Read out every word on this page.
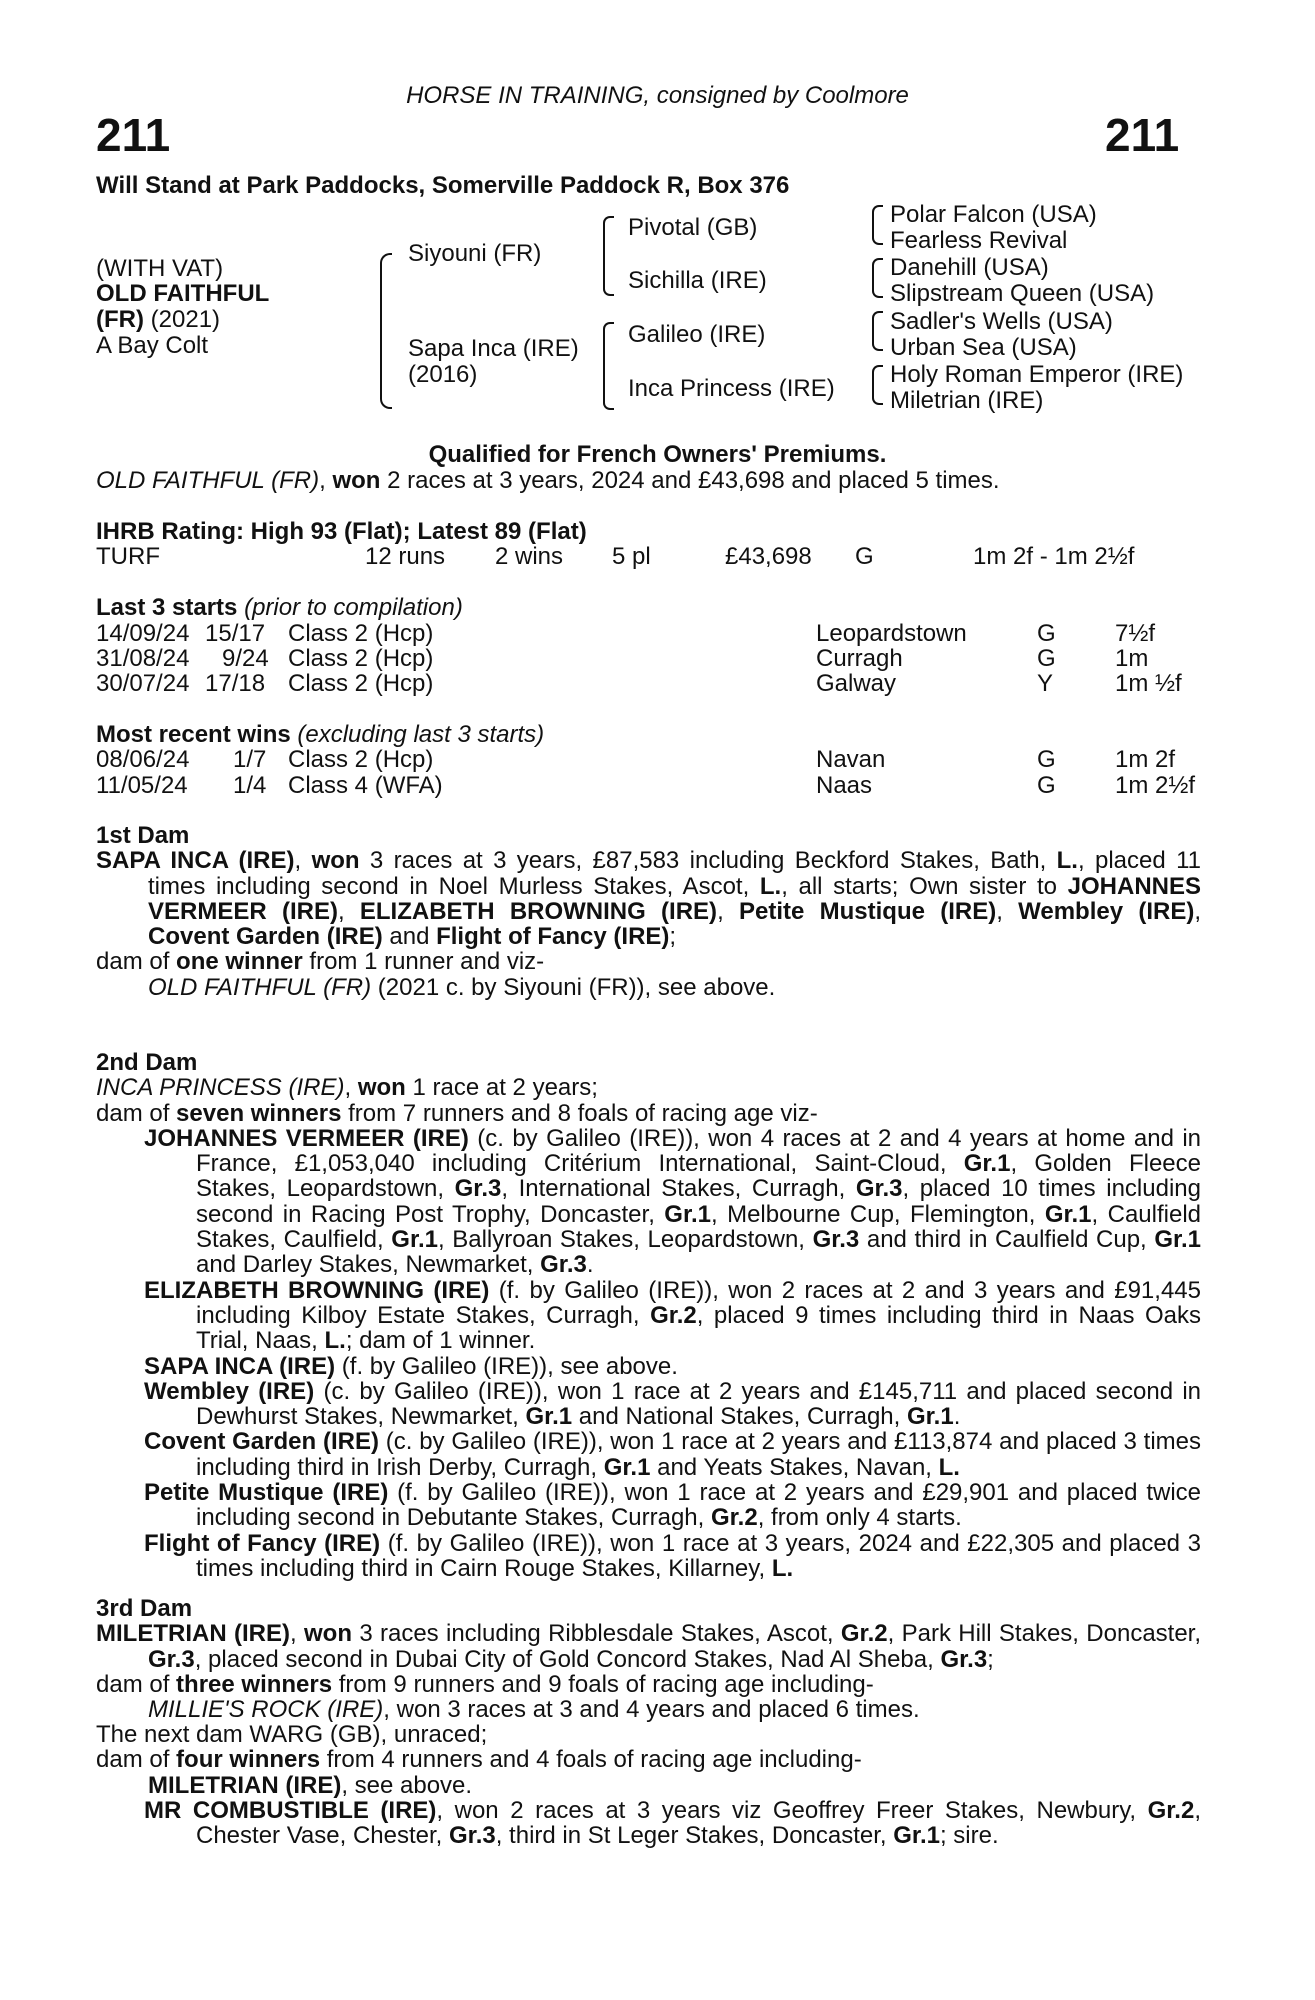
HORSE IN TRAINING, consigned by Coolmore
211	211
Will Stand at Park Paddocks, Somerville Paddock R, Box 376
(WITH VAT)
OLD FAITHFUL
(FR) (2021)
A Bay Colt
Siyouni (FR)
Sapa Inca (IRE)
(2016)
Pivotal (GB)
Sichilla (IRE)
Galileo (IRE)
Inca Princess (IRE)
Polar Falcon (USA)
Fearless Revival
Danehill (USA)
Slipstream Queen (USA)
Sadler's Wells (USA)
Urban Sea (USA)
Holy Roman Emperor (IRE)
Miletrian (IRE)
Qualified for French Owners' Premiums.
OLD FAITHFUL (FR), won 2 races at 3 years, 2024 and £43,698 and placed 5 times.
IHRB Rating: High 93 (Flat); Latest 89 (Flat)
TURF	12 runs 2 wins 5 pl	£43,698 G	1m 2f - 1m 2½f
Last 3 starts (prior to compilation)
14/09/24 15/17 Class 2 (Hcp)	Leopardstown	G 7½f
31/08/24 9/24 Class 2 (Hcp)	Curragh	G 1m
30/07/24 17/18 Class 2 (Hcp)	Galway	Y	1m ½f
Most recent wins (excluding last 3 starts)
08/06/24 1/7 Class 2 (Hcp)	Navan	G 1m 2f
11/05/24 1/4 Class 4 (WFA)	Naas	G 1m 2½f
1st Dam
SAPA INCA (IRE), won 3 races at 3 years, £87,583 including Beckford Stakes, Bath, L., placed 11 times including second in Noel Murless Stakes, Ascot, L., all starts; Own sister to JOHANNES VERMEER (IRE), ELIZABETH BROWNING (IRE), Petite Mustique (IRE), Wembley (IRE), Covent Garden (IRE) and Flight of Fancy (IRE);
dam of one winner from 1 runner and viz-
OLD FAITHFUL (FR) (2021 c. by Siyouni (FR)), see above.
2nd Dam
INCA PRINCESS (IRE), won 1 race at 2 years;
dam of seven winners from 7 runners and 8 foals of racing age viz-
JOHANNES VERMEER (IRE) (c. by Galileo (IRE)), won 4 races at 2 and 4 years at home and in France, £1,053,040 including Critérium International, Saint-Cloud, Gr.1, Golden Fleece Stakes, Leopardstown, Gr.3, International Stakes, Curragh, Gr.3, placed 10 times including second in Racing Post Trophy, Doncaster, Gr.1, Melbourne Cup, Flemington, Gr.1, Caulfield Stakes, Caulfield, Gr.1, Ballyroan Stakes, Leopardstown, Gr.3 and third in Caulfield Cup, Gr.1 and Darley Stakes, Newmarket, Gr.3.
ELIZABETH BROWNING (IRE) (f. by Galileo (IRE)), won 2 races at 2 and 3 years and £91,445 including Kilboy Estate Stakes, Curragh, Gr.2, placed 9 times including third in Naas Oaks Trial, Naas, L.; dam of 1 winner.
SAPA INCA (IRE) (f. by Galileo (IRE)), see above.
Wembley (IRE) (c. by Galileo (IRE)), won 1 race at 2 years and £145,711 and placed second in Dewhurst Stakes, Newmarket, Gr.1 and National Stakes, Curragh, Gr.1.
Covent Garden (IRE) (c. by Galileo (IRE)), won 1 race at 2 years and £113,874 and placed 3 times including third in Irish Derby, Curragh, Gr.1 and Yeats Stakes, Navan, L.
Petite Mustique (IRE) (f. by Galileo (IRE)), won 1 race at 2 years and £29,901 and placed twice including second in Debutante Stakes, Curragh, Gr.2, from only 4 starts.
Flight of Fancy (IRE) (f. by Galileo (IRE)), won 1 race at 3 years, 2024 and £22,305 and placed 3 times including third in Cairn Rouge Stakes, Killarney, L.
3rd Dam
MILETRIAN (IRE), won 3 races including Ribblesdale Stakes, Ascot, Gr.2, Park Hill Stakes, Doncaster, Gr.3, placed second in Dubai City of Gold Concord Stakes, Nad Al Sheba, Gr.3;
dam of three winners from 9 runners and 9 foals of racing age including-
MILLIE'S ROCK (IRE), won 3 races at 3 and 4 years and placed 6 times.
The next dam WARG (GB), unraced;
dam of four winners from 4 runners and 4 foals of racing age including-
MILETRIAN (IRE), see above.
MR COMBUSTIBLE (IRE), won 2 races at 3 years viz Geoffrey Freer Stakes, Newbury, Gr.2, Chester Vase, Chester, Gr.3, third in St Leger Stakes, Doncaster, Gr.1; sire.
